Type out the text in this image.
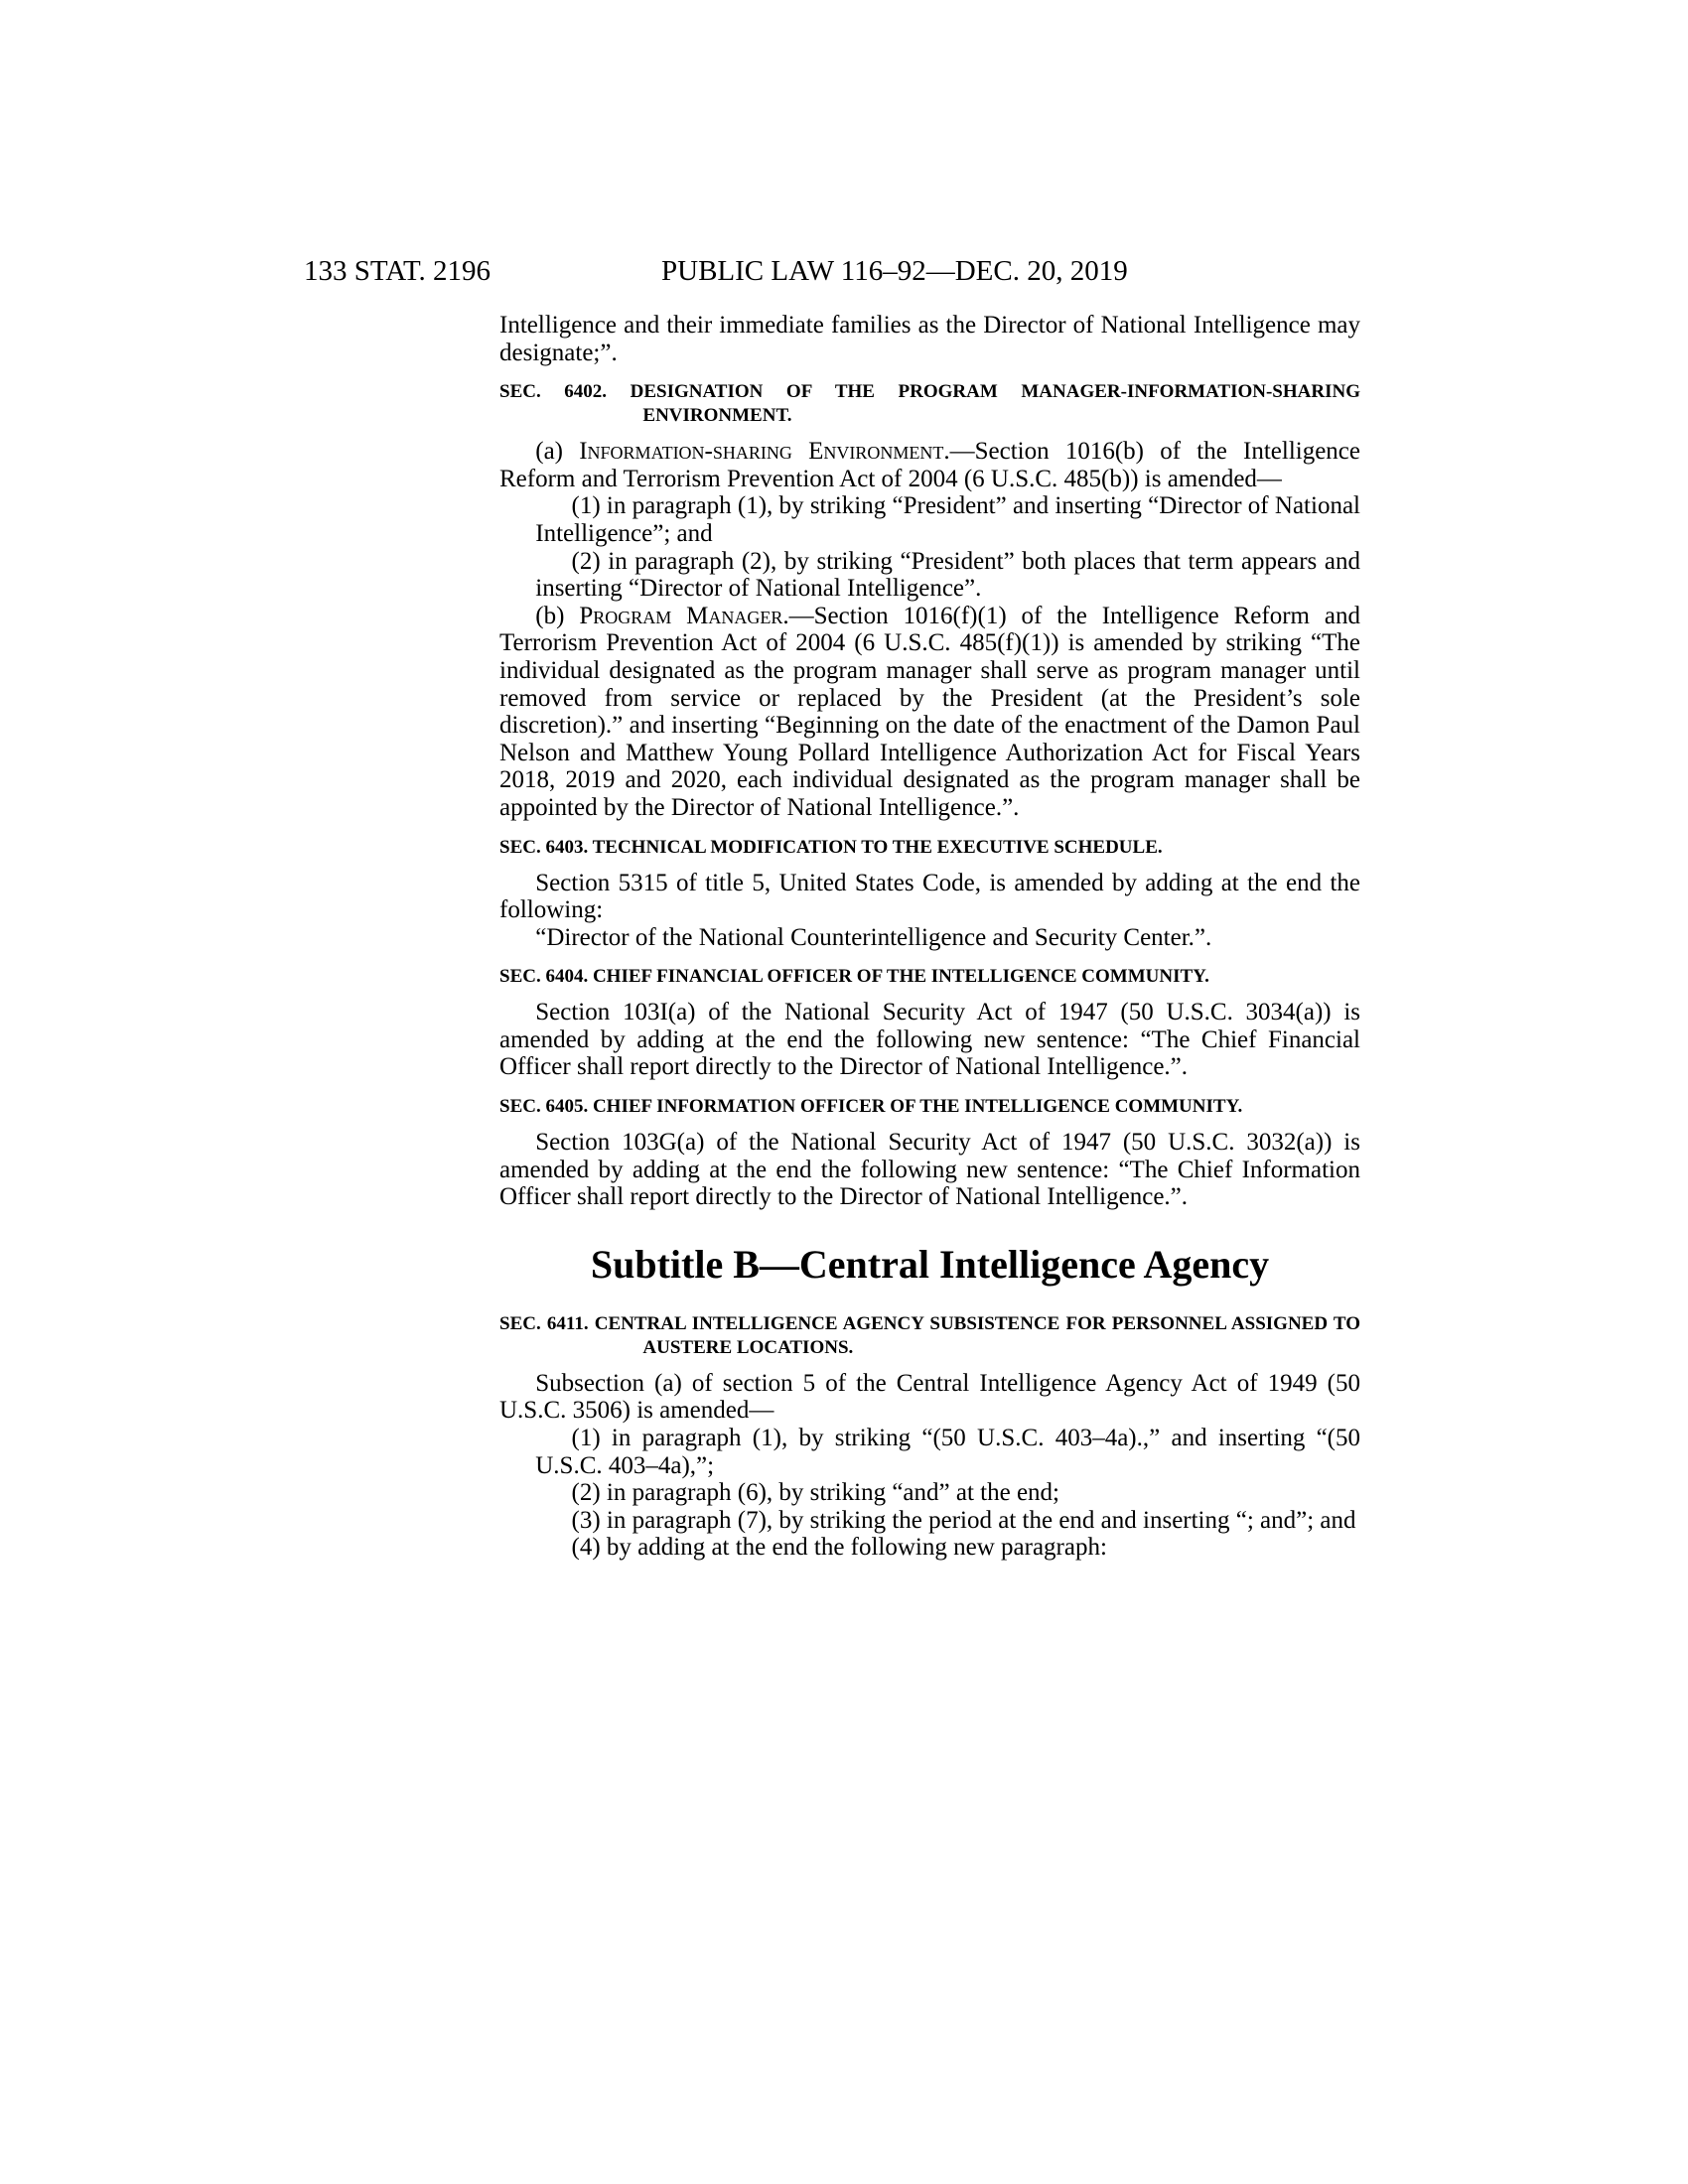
133 STAT. 2196	PUBLIC LAW 116–92—DEC. 20, 2019

Intelligence and their immediate families as the Director of National Intelligence may designate;”.

SEC. 6402. DESIGNATION OF THE PROGRAM MANAGER-INFORMATION-SHARING ENVIRONMENT.

(a) Information-sharing Environment.—Section 1016(b) of the Intelligence Reform and Terrorism Prevention Act of 2004 (6 U.S.C. 485(b)) is amended—

(1) in paragraph (1), by striking “President” and inserting “Director of National Intelligence”; and

(2) in paragraph (2), by striking “President” both places that term appears and inserting “Director of National Intelligence”.

(b) Program Manager.—Section 1016(f)(1) of the Intelligence Reform and Terrorism Prevention Act of 2004 (6 U.S.C. 485(f)(1)) is amended by striking “The individual designated as the program manager shall serve as program manager until removed from service or replaced by the President (at the President’s sole discretion).” and inserting “Beginning on the date of the enactment of the Damon Paul Nelson and Matthew Young Pollard Intelligence Authorization Act for Fiscal Years 2018, 2019 and 2020, each individual designated as the program manager shall be appointed by the Director of National Intelligence.”.

SEC. 6403. TECHNICAL MODIFICATION TO THE EXECUTIVE SCHEDULE.

Section 5315 of title 5, United States Code, is amended by adding at the end the following:

“Director of the National Counterintelligence and Security Center.”.

SEC. 6404. CHIEF FINANCIAL OFFICER OF THE INTELLIGENCE COMMUNITY.

Section 103I(a) of the National Security Act of 1947 (50 U.S.C. 3034(a)) is amended by adding at the end the following new sentence: “The Chief Financial Officer shall report directly to the Director of National Intelligence.”.

SEC. 6405. CHIEF INFORMATION OFFICER OF THE INTELLIGENCE COMMUNITY.

Section 103G(a) of the National Security Act of 1947 (50 U.S.C. 3032(a)) is amended by adding at the end the following new sentence: “The Chief Information Officer shall report directly to the Director of National Intelligence.”.

Subtitle B—Central Intelligence Agency

SEC. 6411. CENTRAL INTELLIGENCE AGENCY SUBSISTENCE FOR PERSONNEL ASSIGNED TO AUSTERE LOCATIONS.

Subsection (a) of section 5 of the Central Intelligence Agency Act of 1949 (50 U.S.C. 3506) is amended—

(1) in paragraph (1), by striking “(50 U.S.C. 403–4a).,” and inserting “(50 U.S.C. 403–4a),”;

(2) in paragraph (6), by striking “and” at the end;

(3) in paragraph (7), by striking the period at the end and inserting “; and”; and

(4) by adding at the end the following new paragraph:
